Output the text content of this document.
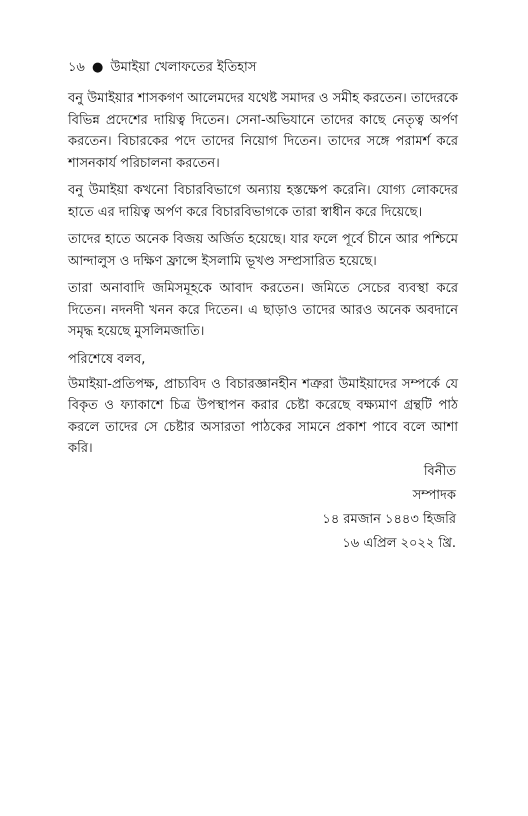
১৬ ● উমাইয়া খেলাফতের ইতিহাস

বনু উমাইয়ার শাসকগণ আলেমদের যথেষ্ট সমাদর ও সমীহ করতেন। তাদেরকে বিভিন্ন প্রদেশের দায়িত্ব দিতেন। সেনা-অভিযানে তাদের কাছে নেতৃত্ব অর্পণ করতেন। বিচারকের পদে তাদের নিয়োগ দিতেন। তাদের সঙ্গে পরামর্শ করে শাসনকার্য পরিচালনা করতেন।

বনু উমাইয়া কখনো বিচারবিভাগে অন্যায় হস্তক্ষেপ করেনি। যোগ্য লোকদের হাতে এর দায়িত্ব অর্পণ করে বিচারবিভাগকে তারা স্বাধীন করে দিয়েছে।

তাদের হাতে অনেক বিজয় অর্জিত হয়েছে। যার ফলে পূর্বে চীনে আর পশ্চিমে আন্দালুস ও দক্ষিণ ফ্রান্সে ইসলামি ভূখণ্ড সম্প্রসারিত হয়েছে।

তারা অনাবাদি জমিসমূহকে আবাদ করতেন। জমিতে সেচের ব্যবস্থা করে দিতেন। নদনদী খনন করে দিতেন। এ ছাড়াও তাদের আরও অনেক অবদানে সমৃদ্ধ হয়েছে মুসলিমজাতি।

পরিশেষে বলব,

উমাইয়া-প্রতিপক্ষ, প্রাচ্যবিদ ও বিচারজ্ঞানহীন শত্রুরা উমাইয়াদের সম্পর্কে যে বিকৃত ও ফ্যাকাশে চিত্র উপস্থাপন করার চেষ্টা করেছে বক্ষ্যমাণ গ্রন্থটি পাঠ করলে তাদের সে চেষ্টার অসারতা পাঠকের সামনে প্রকাশ পাবে বলে আশা করি।

বিনীত
সম্পাদক
১৪ রমজান ১৪৪৩ হিজরি
১৬ এপ্রিল ২০২২ খ্রি.
